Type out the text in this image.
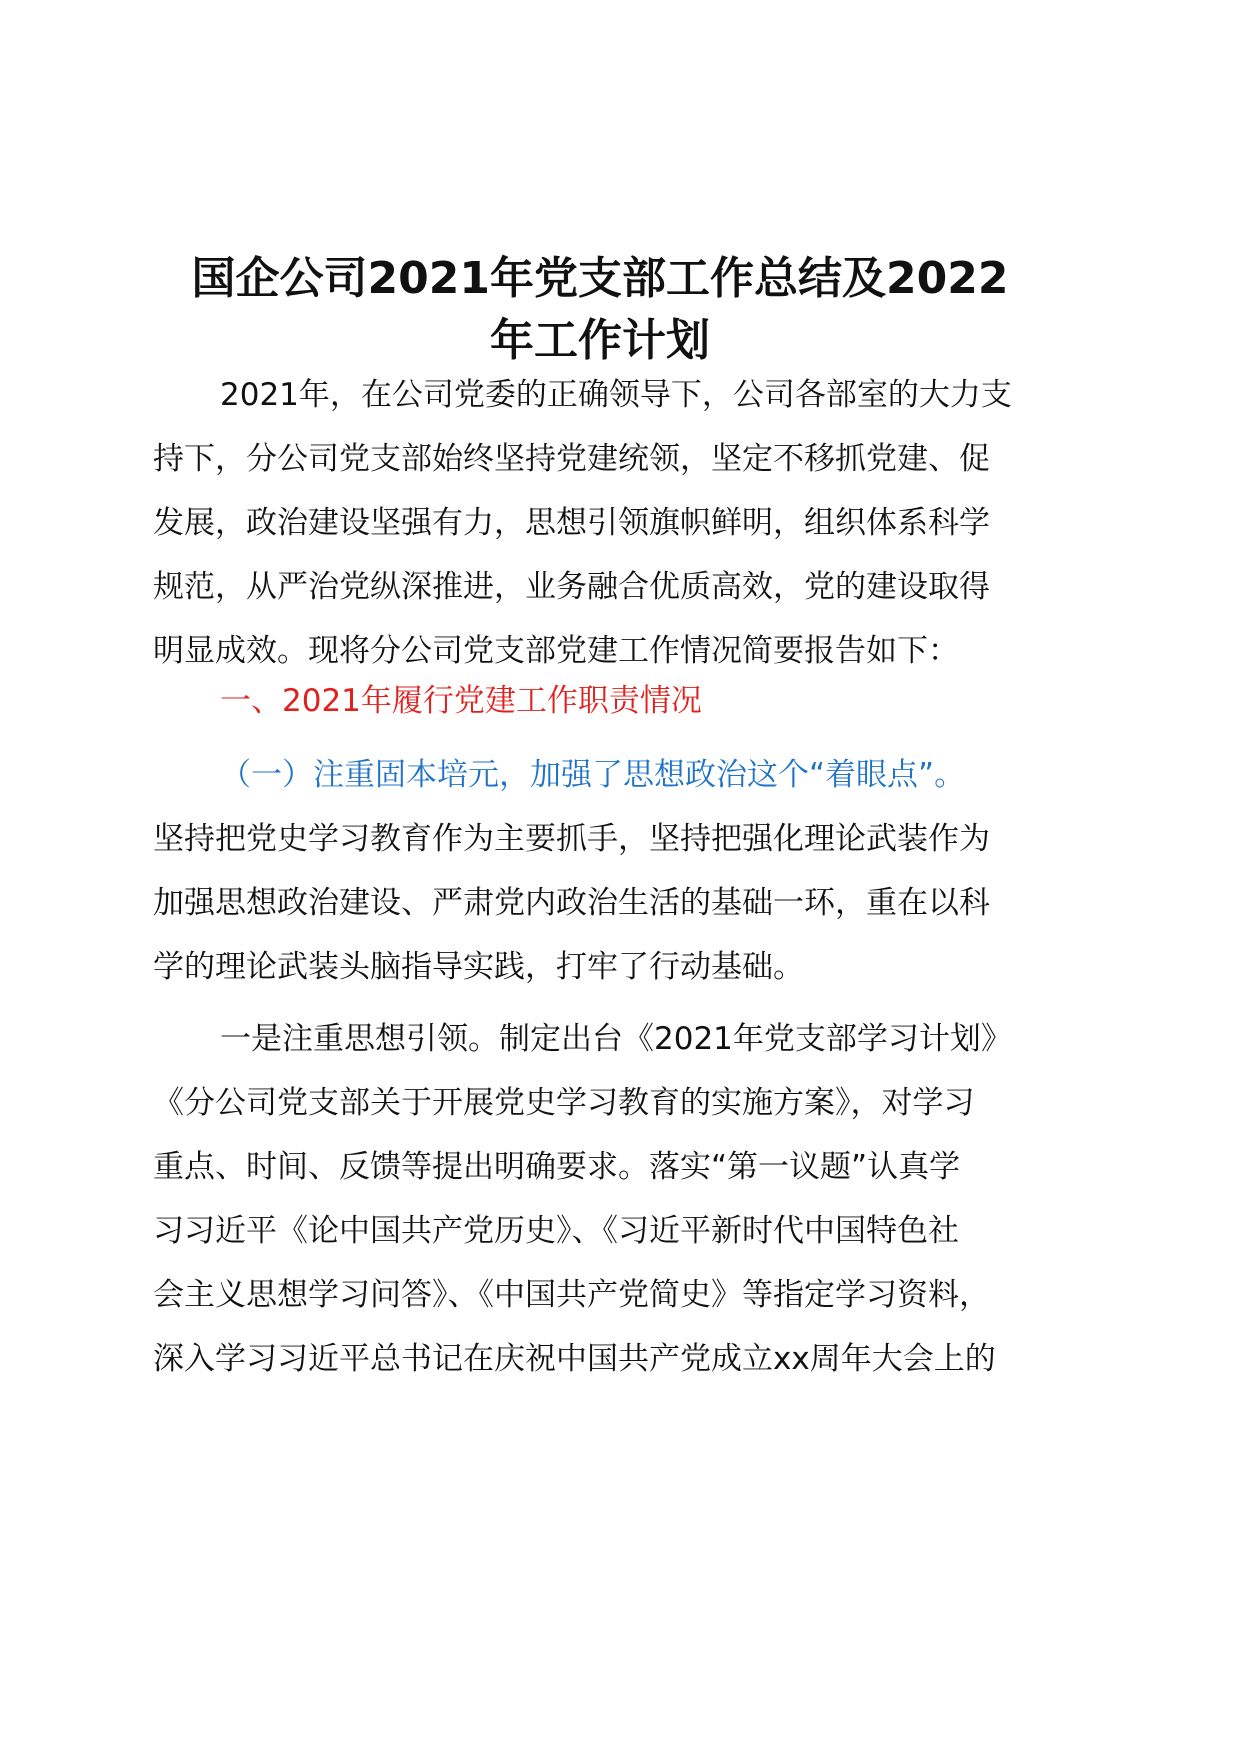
国企公司2021年党支部工作总结及2022
年工作计划
2021年，在公司党委的正确领导下，公司各部室的大力支
持下，分公司党支部始终坚持党建统领，坚定不移抓党建、促
发展，政治建设坚强有力，思想引领旗帜鲜明，组织体系科学
规范，从严治党纵深推进，业务融合优质高效，党的建设取得
明显成效。现将分公司党支部党建工作情况简要报告如下：
一、2021年履行党建工作职责情况
（一）注重固本培元，加强了思想政治这个“着眼点”。
坚持把党史学习教育作为主要抓手，坚持把强化理论武装作为
加强思想政治建设、严肃党内政治生活的基础一环，重在以科
学的理论武装头脑指导实践，打牢了行动基础。
一是注重思想引领。制定出台《2021年党支部学习计划》
《分公司党支部关于开展党史学习教育的实施方案》，对学习
重点、时间、反馈等提出明确要求。落实“第一议题”认真学
习习近平《论中国共产党历史》、《习近平新时代中国特色社
会主义思想学习问答》、《中国共产党简史》等指定学习资料，
深入学习习近平总书记在庆祝中国共产党成立xx周年大会上的
